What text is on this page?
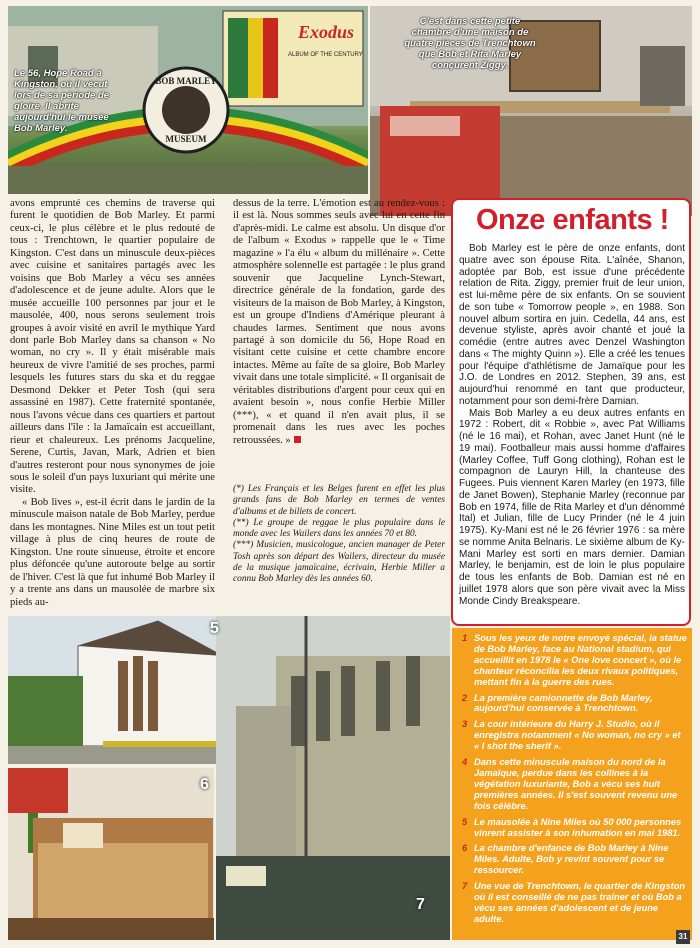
Exodus
ALBUM OF THE CENTURY
BOB MARLEY
MUSEUM
Le 56, Hope Road à Kingston, où il vécut lors de sa période de gloire. Il abrite aujourd'hui le musée Bob Marley.
C'est dans cette petite chambre d'une maison de quatre pièces de Trenchtown que Bob et Rita Marley conçurent Ziggy.

avons emprunté ces chemins de traverse qui furent le quotidien de Bob Marley. Et parmi ceux-ci, le plus célèbre et le plus redouté de tous : Trenchtown, le quartier populaire de Kingston. C'est dans un minuscule deux-pièces avec cuisine et sanitaires partagés avec les voisins que Bob Marley a vécu ses années d'adolescence et de jeune adulte. Alors que le musée accueille 100 personnes par jour et le mausolée, 400, nous serons seulement trois groupes à avoir visité en avril le mythique Yard dont parle Bob Marley dans sa chanson « No woman, no cry ». Il y était misérable mais heureux de vivre l'amitié de ses proches, parmi lesquels les futures stars du ska et du reggae Desmond Dekker et Peter Tosh (qui sera assassiné en 1987). Cette fraternité spontanée, nous l'avons vécue dans ces quartiers et partout ailleurs dans l'île : la Jamaïcain est accueillant, rieur et chaleureux. Les prénoms Jacqueline, Serene, Curtis, Javan, Mark, Adrien et bien d'autres resteront pour nous synonymes de joie sous le soleil d'un pays luxuriant qui mérite une visite.

« Bob lives », est-il écrit dans le jardin de la minuscule maison natale de Bob Marley, perdue dans les montagnes. Nine Miles est un tout petit village à plus de cinq heures de route de Kingston. Une route sinueuse, étroite et encore plus défoncée qu'une autoroute belge au sortir de l'hiver. C'est là que fut inhumé Bob Marley il y a trente ans dans un mausolée de marbre six pieds au-

dessus de la terre. L'émotion est au rendez-vous : il est là. Nous sommes seuls avec lui en cette fin d'après-midi. Le calme est absolu. Un disque d'or de l'album « Exodus » rappelle que le « Time magazine » l'a élu « album du millénaire ». Cette atmosphère solennelle est partagée : le plus grand souvenir que Jacqueline Lynch-Stewart, directrice générale de la fondation, garde des visiteurs de la maison de Bob Marley, à Kingston, est un groupe d'Indiens d'Amérique pleurant à chaudes larmes. Sentiment que nous avons partagé à son domicile du 56, Hope Road en visitant cette cuisine et cette chambre encore intactes. Même au faîte de sa gloire, Bob Marley vivait dans une totale simplicité. « Il organisait de véritables distributions d'argent pour ceux qui en avaient besoin », nous confie Herbie Miller (***), « et quand il n'en avait plus, il se promenait dans les rues avec les poches retroussées. »

(*) Les Français et les Belges furent en effet les plus grands fans de Bob Marley en termes de ventes d'albums et de billets de concert.

(**) Le groupe de reggae le plus populaire dans le monde avec les Wailers dans les années 70 et 80.

(***) Musicien, musicologue, ancien manager de Peter Tosh après son départ des Wailers, directeur du musée de la musique jamaïcaine, écrivain, Herbie Miller a connu Bob Marley dès les années 60.

Onze enfants !

Bob Marley est le père de onze enfants, dont quatre avec son épouse Rita. L'aînée, Shanon, adoptée par Bob, est issue d'une précédente relation de Rita. Ziggy, premier fruit de leur union, est lui-même père de six enfants. On se souvient de son tube « Tomorrow people », en 1988. Son nouvel album sortira en juin. Cedella, 44 ans, est devenue styliste, après avoir chanté et joué la comédie (entre autres avec Denzel Washington dans « The mighty Quinn »). Elle a créé les tenues pour l'équipe d'athlétisme de Jamaïque pour les J.O. de Londres en 2012. Stephen, 39 ans, est aujourd'hui renommé en tant que producteur, notamment pour son demi-frère Damian.

Mais Bob Marley a eu deux autres enfants en 1972 : Robert, dit « Robbie », avec Pat Williams (né le 16 mai), et Rohan, avec Janet Hunt (né le 19 mai). Footballeur mais aussi homme d'affaires (Marley Coffee, Tuff Gong clothing), Rohan est le compagnon de Lauryn Hill, la chanteuse des Fugees. Puis viennent Karen Marley (en 1973, fille de Janet Bowen), Stephanie Marley (reconnue par Bob en 1974, fille de Rita Marley et d'un dénommé Ital) et Julian, fille de Lucy Prinder (né le 4 juin 1975). Ky-Mani est né le 26 février 1976 : sa mère se nomme Anita Belnaris. Le sixième album de Ky-Mani Marley est sorti en mars dernier. Damian Marley, le benjamin, est de loin le plus populaire de tous les enfants de Bob. Damian est né en juillet 1978 alors que son père vivait avec la Miss Monde Cindy Breakspeare.

5
6
7
1 Sous les yeux de notre envoyé spécial, la statue de Bob Marley, face au National stadium, qui accueillit en 1978 le « One love concert », où le chanteur réconcilia les deux rivaux politiques, mettant fin à la guerre des rues.
2 La première camionnette de Bob Marley, aujourd'hui conservée à Trenchtown.
3 La cour intérieure du Harry J. Studio, où il enregistra notamment « No woman, no cry » et « I shot the sherif ».
4 Dans cette minuscule maison du nord de la Jamaïque, perdue dans les collines à la végétation luxuriante, Bob a vécu ses huit premières années. Il s'est souvent revenu une fois célèbre.
5 Le mausolée à Nine Miles où 50 000 personnes vinrent assister à son inhumation en mai 1981.
6 La chambre d'enfance de Bob Marley à Nine Miles. Adulte, Bob y revint souvent pour se ressourcer.
7 Une vue de Trenchtown, le quartier de Kingston où il est conseillé de ne pas traîner et où Bob a vécu ses années d'adolescent et de jeune adulte.
31
